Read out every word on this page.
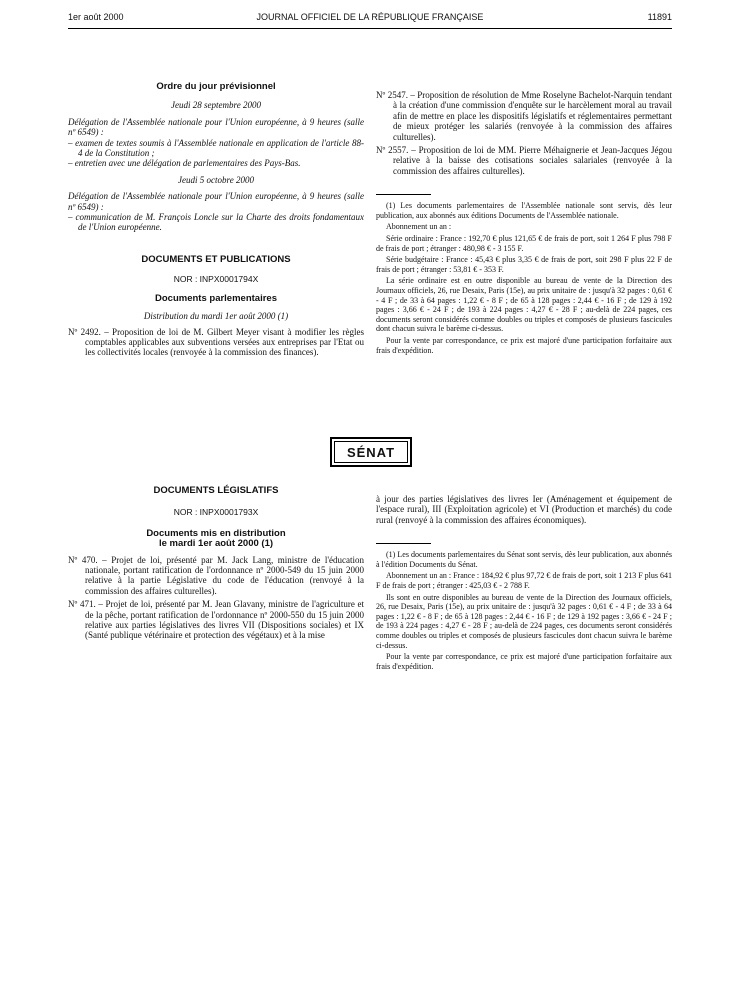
1er août 2000	JOURNAL OFFICIEL DE LA RÉPUBLIQUE FRANÇAISE	11891
Ordre du jour prévisionnel
Jeudi 28 septembre 2000

Délégation de l'Assemblée nationale pour l'Union européenne, à 9 heures (salle nº 6549) :

– examen de textes soumis à l'Assemblée nationale en application de l'article 88-4 de la Constitution ;

– entretien avec une délégation de parlementaires des Pays-Bas.

Jeudi 5 octobre 2000

Délégation de l'Assemblée nationale pour l'Union européenne, à 9 heures (salle nº 6549) :

– communication de M. François Loncle sur la Charte des droits fondamentaux de l'Union européenne.

DOCUMENTS ET PUBLICATIONS
NOR : INPX0001794X
Documents parlementaires
Distribution du mardi 1er août 2000 (1)

Nº 2492. – Proposition de loi de M. Gilbert Meyer visant à modifier les règles comptables applicables aux subventions versées aux entreprises par l'Etat ou les collectivités locales (renvoyée à la commission des finances).

Nº 2547. – Proposition de résolution de Mme Roselyne Bachelot-Narquin tendant à la création d'une commission d'enquête sur le harcèlement moral au travail afin de mettre en place les dispositifs législatifs et réglementaires permettant de mieux protéger les salariés (renvoyée à la commission des affaires culturelles).

Nº 2557. – Proposition de loi de MM. Pierre Méhaignerie et Jean-Jacques Jégou relative à la baisse des cotisations sociales salariales (renvoyée à la commission des affaires culturelles).

(1) Les documents parlementaires de l'Assemblée nationale sont servis, dès leur publication, aux abonnés aux éditions Documents de l'Assemblée nationale.

Abonnement un an :

Série ordinaire : France : 192,70 € plus 121,65 € de frais de port, soit 1 264 F plus 798 F de frais de port ; étranger : 480,98 € - 3 155 F.

Série budgétaire : France : 45,43 € plus 3,35 € de frais de port, soit 298 F plus 22 F de frais de port ; étranger : 53,81 € - 353 F.

La série ordinaire est en outre disponible au bureau de vente de la Direction des Journaux officiels, 26, rue Desaix, Paris (15e), au prix unitaire de : jusqu'à 32 pages : 0,61 € - 4 F ; de 33 à 64 pages : 1,22 € - 8 F ; de 65 à 128 pages : 2,44 € - 16 F ; de 129 à 192 pages : 3,66 € - 24 F ; de 193 à 224 pages : 4,27 € - 28 F ; au-delà de 224 pages, ces documents seront considérés comme doubles ou triples et composés de plusieurs fascicules dont chacun suivra le barème ci-dessus.

Pour la vente par correspondance, ce prix est majoré d'une participation forfaitaire aux frais d'expédition.

SÉNAT
DOCUMENTS LÉGISLATIFS
NOR : INPX0001793X
Documents mis en distribution
le mardi 1er août 2000 (1)

Nº 470. – Projet de loi, présenté par M. Jack Lang, ministre de l'éducation nationale, portant ratification de l'ordonnance nº 2000-549 du 15 juin 2000 relative à la partie Législative du code de l'éducation (renvoyé à la commission des affaires culturelles).

Nº 471. – Projet de loi, présenté par M. Jean Glavany, ministre de l'agriculture et de la pêche, portant ratification de l'ordonnance nº 2000-550 du 15 juin 2000 relative aux parties législatives des livres VII (Dispositions sociales) et IX (Santé publique vétérinaire et protection des végétaux) et à la mise

à jour des parties législatives des livres Ier (Aménagement et équipement de l'espace rural), III (Exploitation agricole) et VI (Production et marchés) du code rural (renvoyé à la commission des affaires économiques).

(1) Les documents parlementaires du Sénat sont servis, dès leur publication, aux abonnés à l'édition Documents du Sénat.

Abonnement un an : France : 184,92 € plus 97,72 € de frais de port, soit 1 213 F plus 641 F de frais de port ; étranger : 425,03 € - 2 788 F.

Ils sont en outre disponibles au bureau de vente de la Direction des Journaux officiels, 26, rue Desaix, Paris (15e), au prix unitaire de : jusqu'à 32 pages : 0,61 € - 4 F ; de 33 à 64 pages : 1,22 € - 8 F ; de 65 à 128 pages : 2,44 € - 16 F ; de 129 à 192 pages : 3,66 € - 24 F ; de 193 à 224 pages : 4,27 € - 28 F ; au-delà de 224 pages, ces documents seront considérés comme doubles ou triples et composés de plusieurs fascicules dont chacun suivra le barème ci-dessus.

Pour la vente par correspondance, ce prix est majoré d'une participation forfaitaire aux frais d'expédition.
